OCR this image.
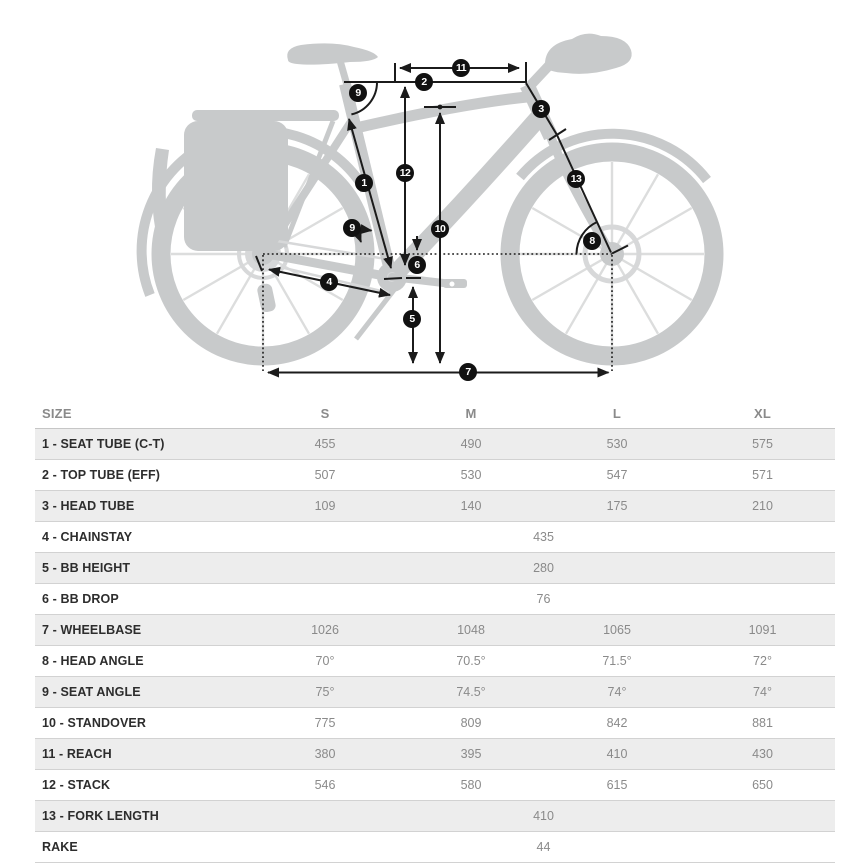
1
2
3
4
5
6
7
8
9
9	10
11
12	13
SIZE	S	M	L	XL
1 - SEAT TUBE (C-T)	455	490	530	575
2 - TOP TUBE (EFF)	507	530	547	571
3 - HEAD TUBE	109	140	175	210
4 - CHAINSTAY	435			
5 - BB HEIGHT	280			
6 - BB DROP	76			
7 - WHEELBASE	1026	1048	1065	1091
8 - HEAD ANGLE	70°	70.5°	71.5°	72°
9 - SEAT ANGLE	75°	74.5°	74°	74°
10 - STANDOVER	775	809	842	881
11 - REACH	380	395	410	430
12 - STACK	546	580	615	650
13 - FORK LENGTH	410			
RAKE	44			
